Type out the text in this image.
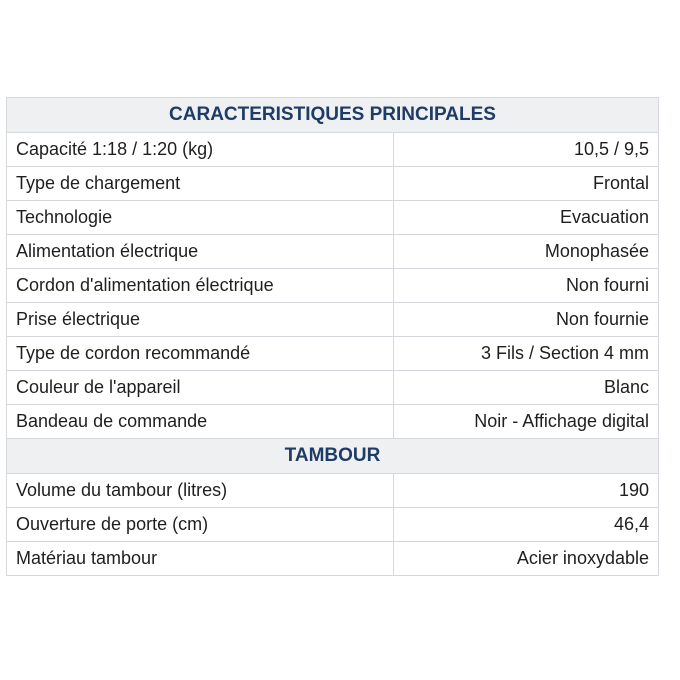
CARACTERISTIQUES PRINCIPALES	
Capacité 1:18 / 1:20 (kg)	10,5 / 9,5
Type de chargement	Frontal
Technologie	Evacuation
Alimentation électrique	Monophasée
Cordon d'alimentation électrique	Non fourni
Prise électrique	Non fournie
Type de cordon recommandé	3 Fils / Section 4 mm
Couleur de l'appareil	Blanc
Bandeau de commande	Noir - Affichage digital
TAMBOUR	
Volume du tambour (litres)	190
Ouverture de porte (cm)	46,4
Matériau tambour	Acier inoxydable
